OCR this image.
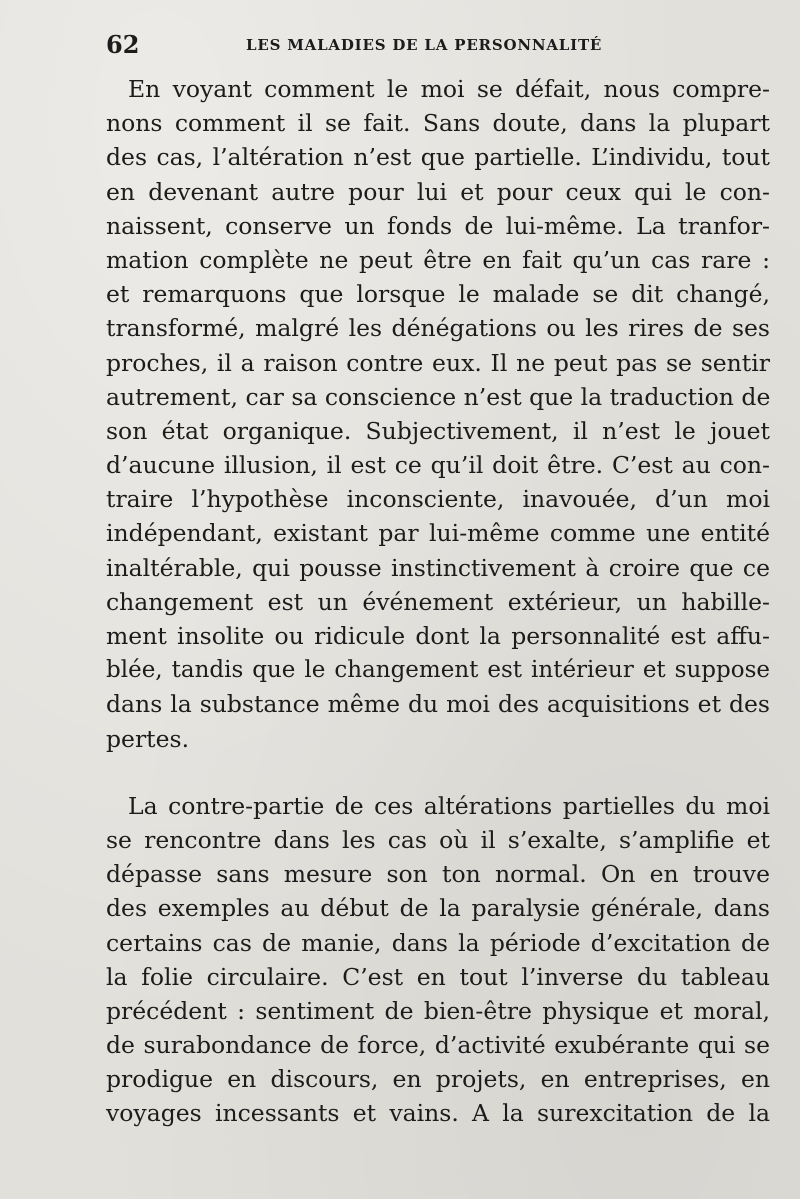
62	LES MALADIES DE LA PERSONNALITÉ

En voyant comment le moi se défait, nous compre-
nons comment il se fait. Sans doute, dans la plupart
des cas, l’altération n’est que partielle. L’individu, tout
en devenant autre pour lui et pour ceux qui le con-
naissent, conserve un fonds de lui-même. La tranfor-
mation complète ne peut être en fait qu’un cas rare :
et remarquons que lorsque le malade se dit changé,
transformé, malgré les dénégations ou les rires de ses
proches, il a raison contre eux. Il ne peut pas se sentir
autrement, car sa conscience n’est que la traduction de
son état organique. Subjectivement, il n’est le jouet
d’aucune illusion, il est ce qu’il doit être. C’est au con-
traire l’hypothèse inconsciente, inavouée, d’un moi
indépendant, existant par lui-même comme une entité
inaltérable, qui pousse instinctivement à croire que ce
changement est un événement extérieur, un habille-
ment insolite ou ridicule dont la personnalité est affu-
blée, tandis que le changement est intérieur et suppose
dans la substance même du moi des acquisitions et des
pertes.

La contre-partie de ces altérations partielles du moi
se rencontre dans les cas où il s’exalte, s’amplifie et
dépasse sans mesure son ton normal. On en trouve
des exemples au début de la paralysie générale, dans
certains cas de manie, dans la période d’excitation de
la folie circulaire. C’est en tout l’inverse du tableau
précédent : sentiment de bien-être physique et moral,
de surabondance de force, d’activité exubérante qui se
prodigue en discours, en projets, en entreprises, en
voyages incessants et vains. A la surexcitation de la
